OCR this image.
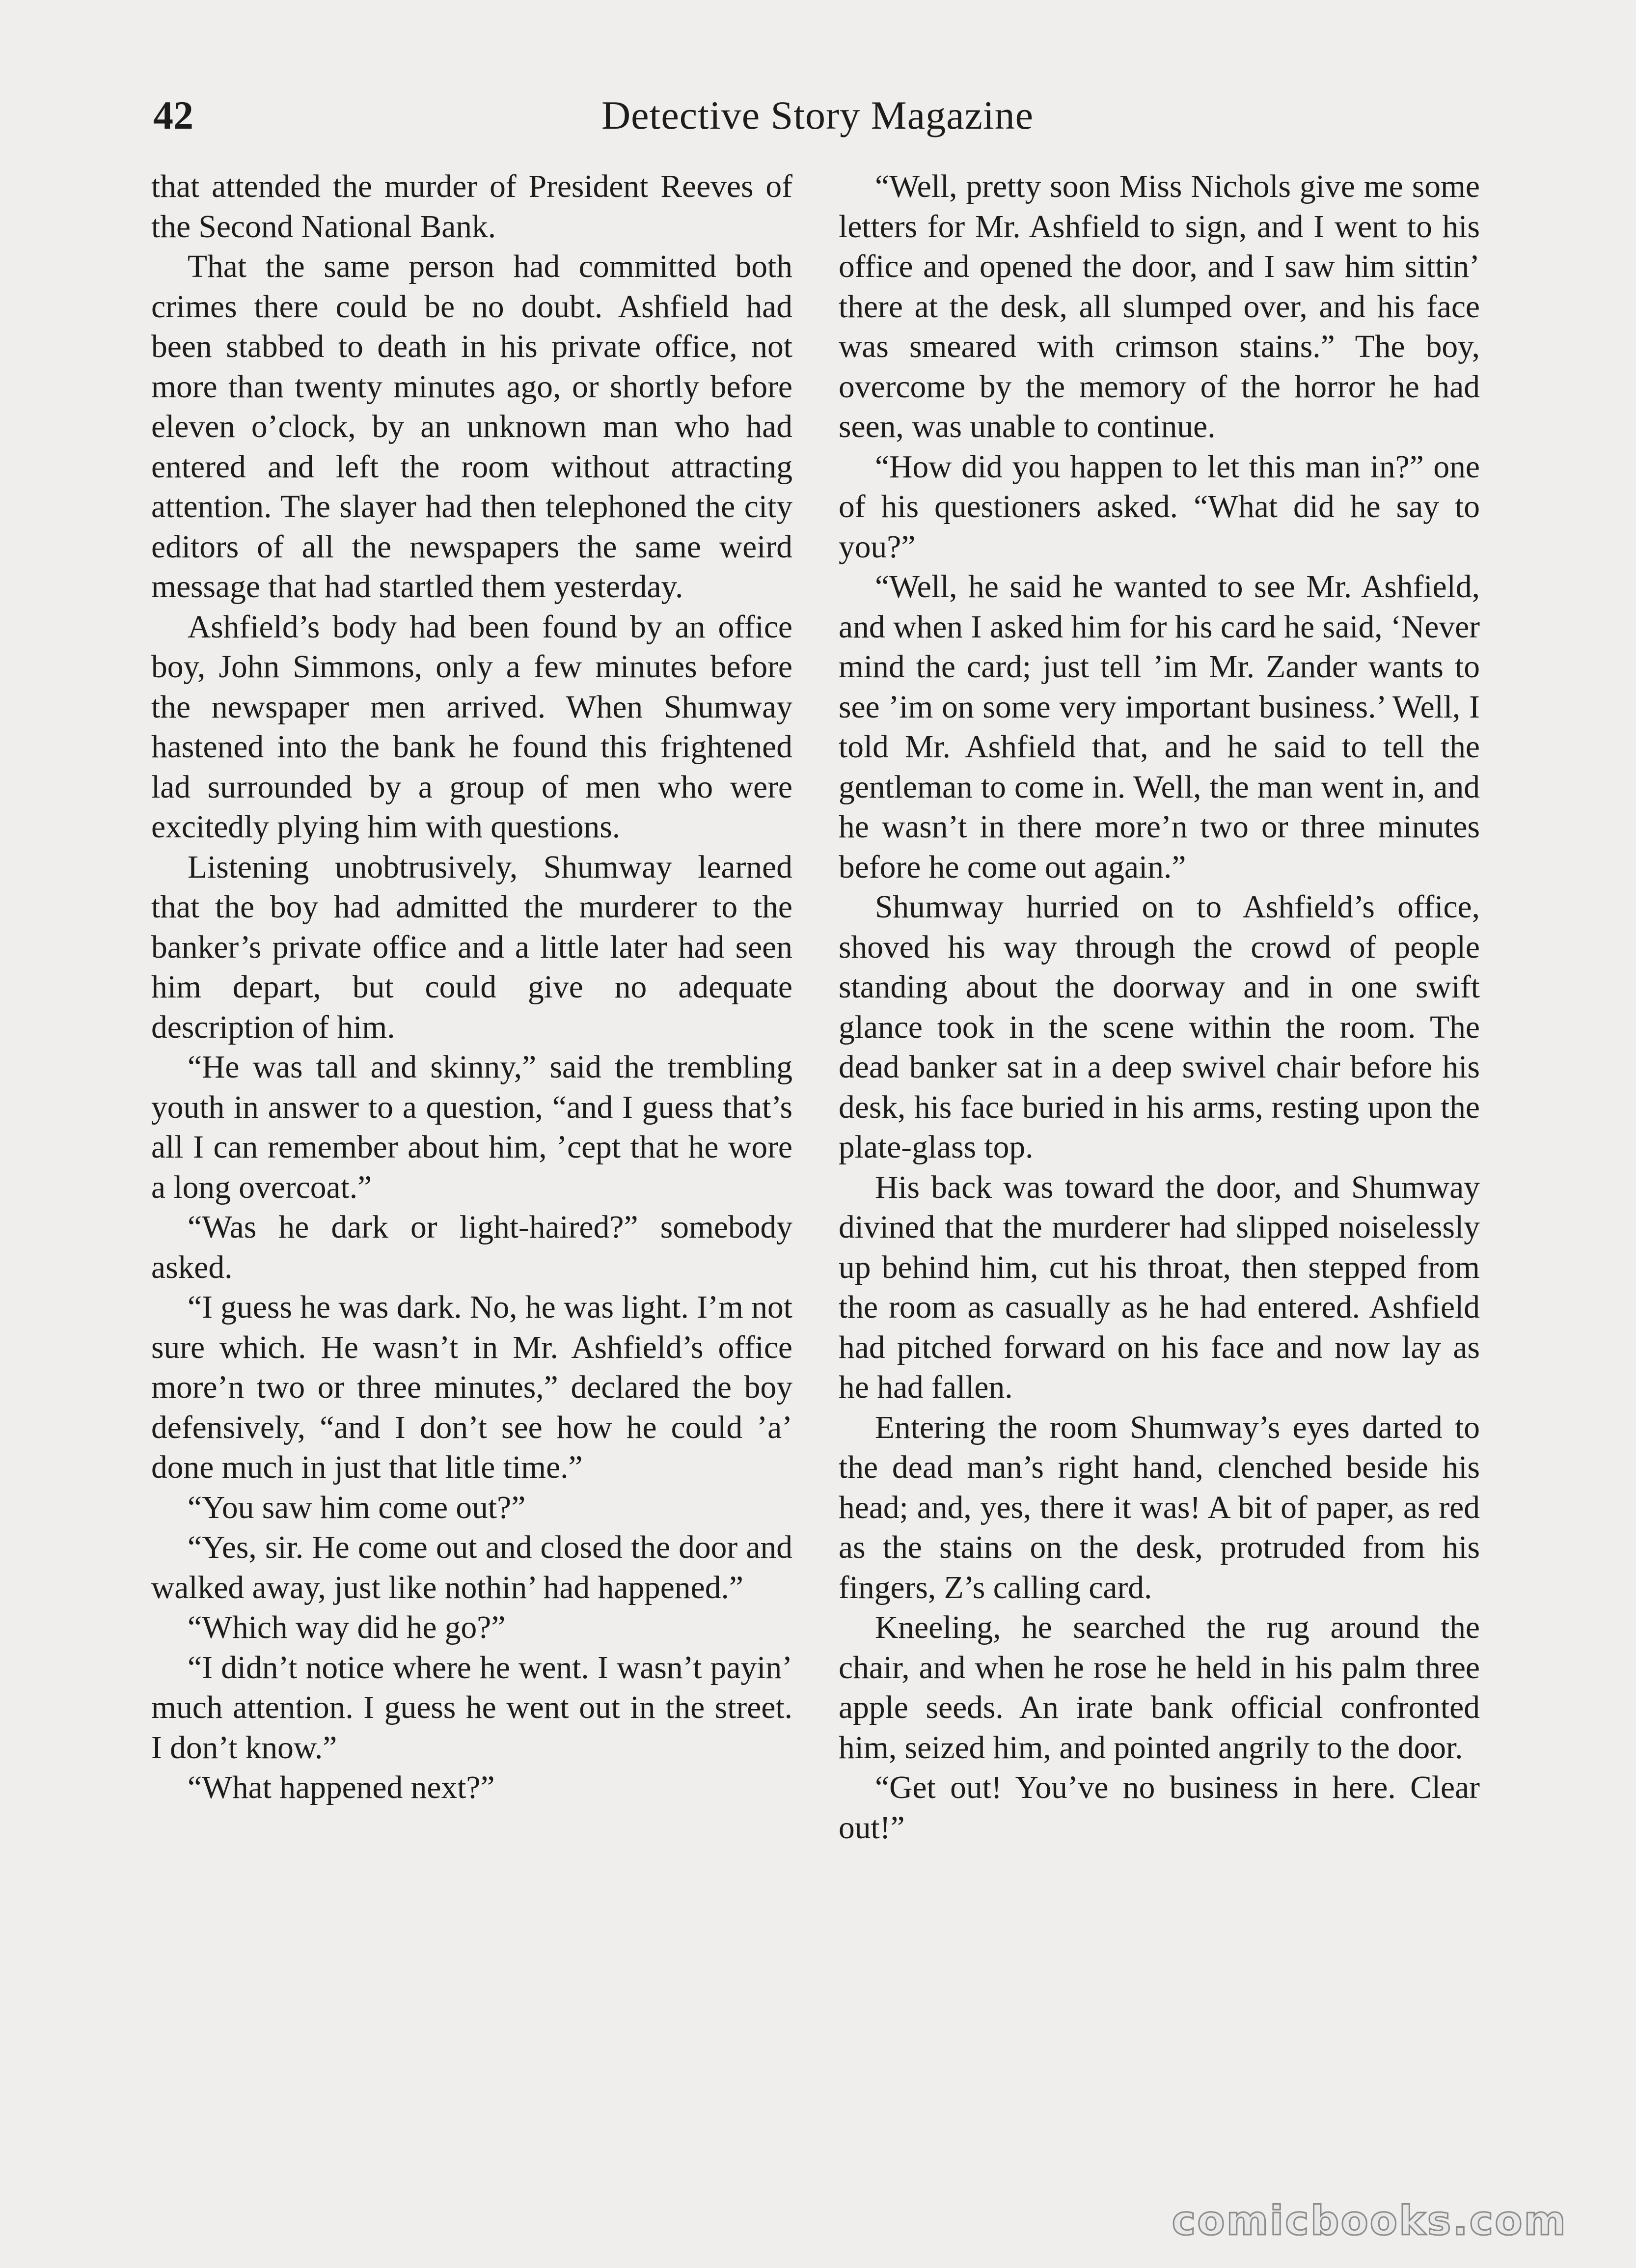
42	Detective Story Magazine

that attended the murder of President Reeves of the Second National Bank.

That the same person had committed both crimes there could be no doubt. Ashfield had been stabbed to death in his private office, not more than twenty minutes ago, or shortly before eleven o’clock, by an unknown man who had entered and left the room without attracting attention. The slayer had then telephoned the city editors of all the newspapers the same weird message that had startled them yesterday.

Ashfield’s body had been found by an office boy, John Simmons, only a few minutes before the newspaper men arrived. When Shumway hastened into the bank he found this frightened lad surrounded by a group of men who were excitedly plying him with questions.

Listening unobtrusively, Shumway learned that the boy had admitted the murderer to the banker’s private office and a little later had seen him depart, but could give no adequate description of him.

“He was tall and skinny,” said the trembling youth in answer to a question, “and I guess that’s all I can remember about him, ’cept that he wore a long overcoat.”

“Was he dark or light-haired?” somebody asked.

“I guess he was dark. No, he was light. I’m not sure which. He wasn’t in Mr. Ashfield’s office more’n two or three minutes,” declared the boy defensively, “and I don’t see how he could ’a’ done much in just that litle time.”

“You saw him come out?”

“Yes, sir. He come out and closed the door and walked away, just like nothin’ had happened.”

“Which way did he go?”

“I didn’t notice where he went. I wasn’t payin’ much attention. I guess he went out in the street. I don’t know.”

“What happened next?”

“Well, pretty soon Miss Nichols give me some letters for Mr. Ashfield to sign, and I went to his office and opened the door, and I saw him sittin’ there at the desk, all slumped over, and his face was smeared with crimson stains.” The boy, overcome by the memory of the horror he had seen, was unable to continue.

“How did you happen to let this man in?” one of his questioners asked. “What did he say to you?”

“Well, he said he wanted to see Mr. Ashfield, and when I asked him for his card he said, ‘Never mind the card; just tell ’im Mr. Zander wants to see ’im on some very important business.’ Well, I told Mr. Ashfield that, and he said to tell the gentleman to come in. Well, the man went in, and he wasn’t in there more’n two or three minutes before he come out again.”

Shumway hurried on to Ashfield’s office, shoved his way through the crowd of people standing about the doorway and in one swift glance took in the scene within the room. The dead banker sat in a deep swivel chair before his desk, his face buried in his arms, resting upon the plate-glass top.

His back was toward the door, and Shumway divined that the murderer had slipped noiselessly up behind him, cut his throat, then stepped from the room as casually as he had entered. Ashfield had pitched forward on his face and now lay as he had fallen.

Entering the room Shumway’s eyes darted to the dead man’s right hand, clenched beside his head; and, yes, there it was! A bit of paper, as red as the stains on the desk, protruded from his fingers, Z’s calling card.

Kneeling, he searched the rug around the chair, and when he rose he held in his palm three apple seeds. An irate bank official confronted him, seized him, and pointed angrily to the door.

“Get out! You’ve no business in here. Clear out!”

comicbooks.com
